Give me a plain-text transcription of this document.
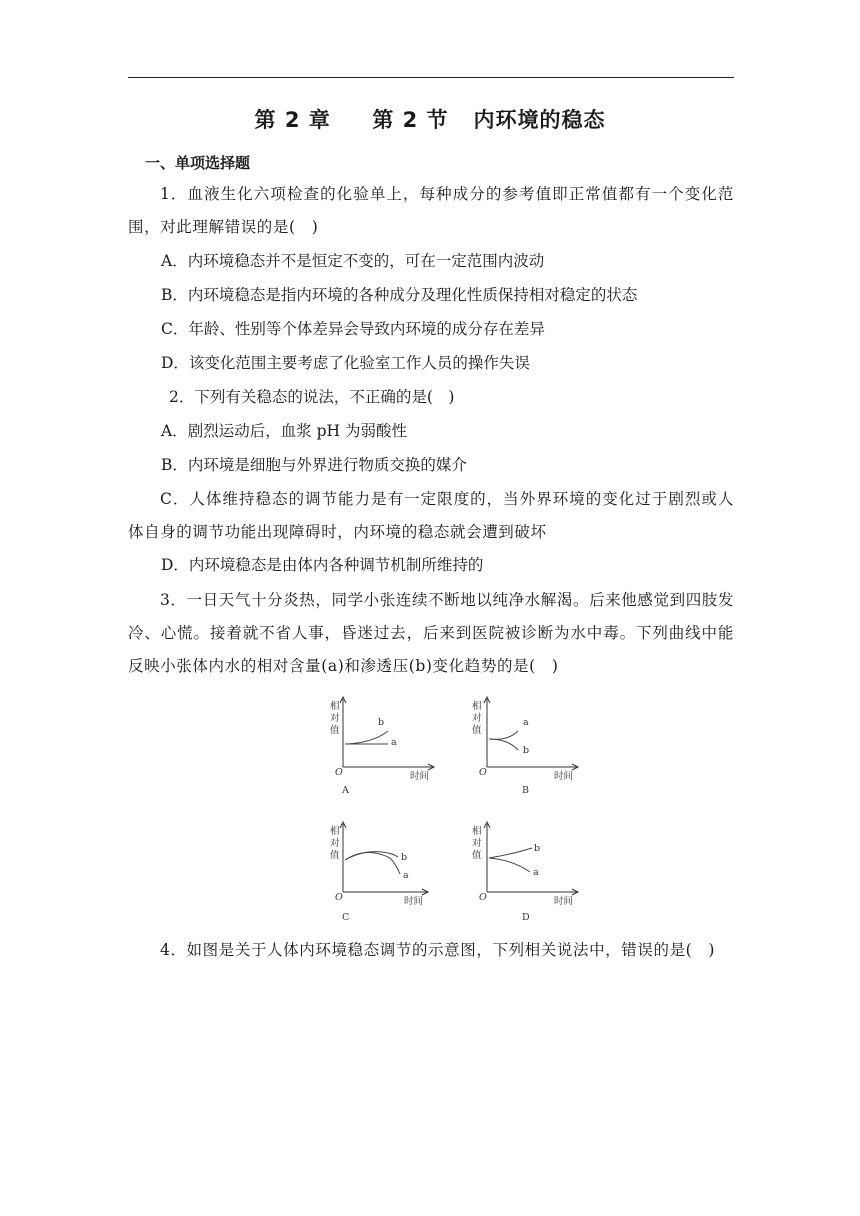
第 2 章 第 2 节 内环境的稳态
一、单项选择题
1．血液生化六项检查的化验单上，每种成分的参考值即正常值都有一个变化范围，对此理解错误的是(　)
A．内环境稳态并不是恒定不变的，可在一定范围内波动
B．内环境稳态是指内环境的各种成分及理化性质保持相对稳定的状态
C．年龄、性别等个体差异会导致内环境的成分存在差异
D．该变化范围主要考虑了化验室工作人员的操作失误
2．下列有关稳态的说法，不正确的是(　)
A．剧烈运动后，血浆 pH 为弱酸性
B．内环境是细胞与外界进行物质交换的媒介
C．人体维持稳态的调节能力是有一定限度的，当外界环境的变化过于剧烈或人体自身的调节功能出现障碍时，内环境的稳态就会遭到破坏
D．内环境稳态是由体内各种调节机制所维持的
3．一日天气十分炎热，同学小张连续不断地以纯净水解渴。后来他感觉到四肢发冷、心慌。接着就不省人事，昏迷过去，后来到医院被诊断为水中毒。下列曲线中能反映小张体内水的相对含量(a)和渗透压(b)变化趋势的是(　)
相
对
值
O	时间
a
b
A
相
对
值
O	时间
a
b
B
相
对
值
O	时间
a
b
C
相
对
值
O	时间
b
a
D
4．如图是关于人体内环境稳态调节的示意图，下列相关说法中，错误的是(　)
